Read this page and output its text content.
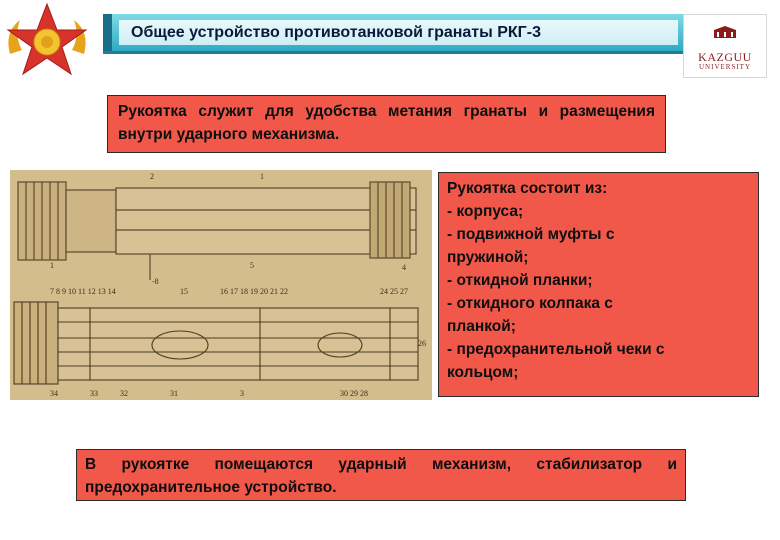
Общее устройство противотанковой гранаты РКГ-3
KAZGUU
UNIVERSITY
Рукоятка служит для удобства метания гранаты и размещения внутри ударного механизма.
2	1
1	5	4
-8
7 8 9 10 11 12 13 14	15	16 17 18 19 20 21 22	24 25 27
34	33	32	31	3	30 29 28
26
Рукоятка состоит из:
- корпуса;
- подвижной муфты с
пружиной;
- откидной планки;
- откидного колпака с
планкой;
- предохранительной чеки с
кольцом;
В рукоятке помещаются ударный механизм, стабилизатор и предохранительное устройство.
